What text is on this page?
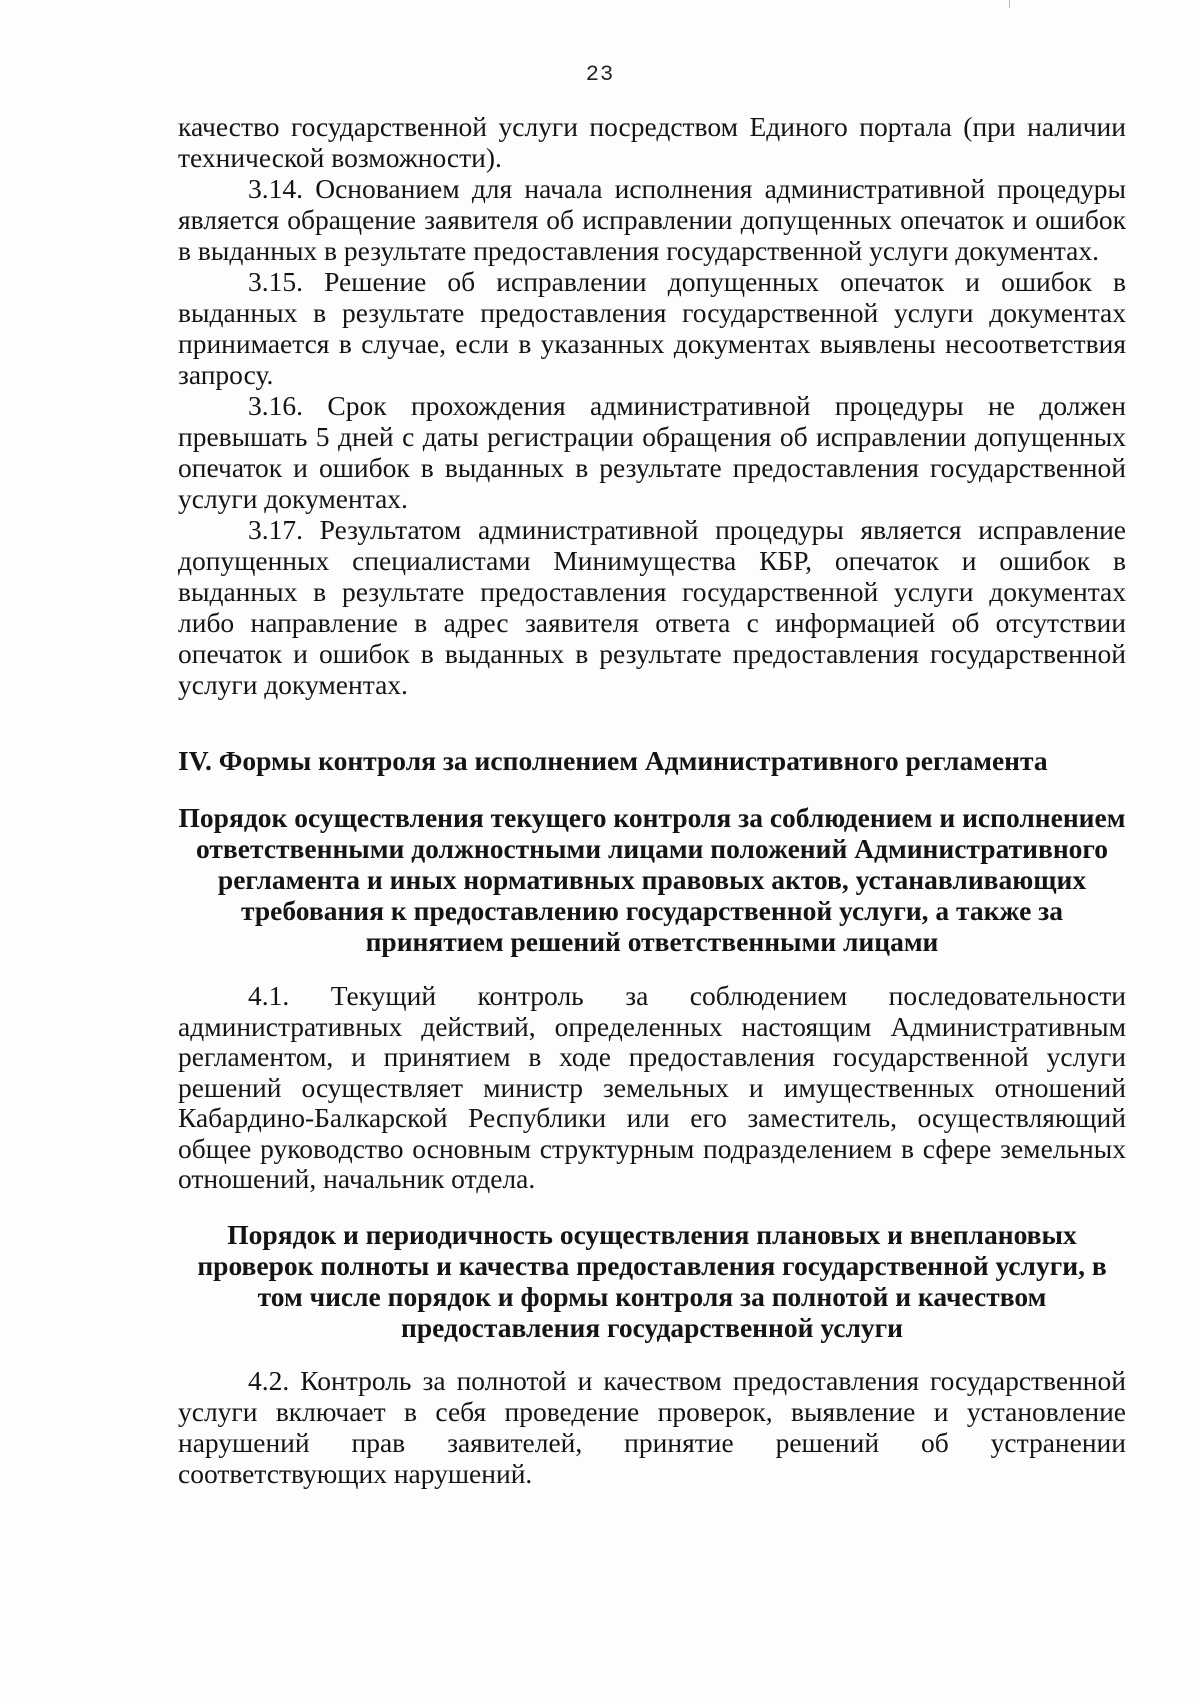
23

качество государственной услуги посредством Единого портала (при наличии технической возможности).

3.14. Основанием для начала исполнения административной процедуры является обращение заявителя об исправлении допущенных опечаток и ошибок в выданных в результате предоставления государственной услуги документах.

3.15. Решение об исправлении допущенных опечаток и ошибок в выданных в результате предоставления государственной услуги документах принимается в случае, если в указанных документах выявлены несоответствия запросу.

3.16. Срок прохождения административной процедуры не должен превышать 5 дней с даты регистрации обращения об исправлении допущенных опечаток и ошибок в выданных в результате предоставления государственной услуги документах.

3.17. Результатом административной процедуры является исправление допущенных специалистами Минимущества КБР, опечаток и ошибок в выданных в результате предоставления государственной услуги документах либо направление в адрес заявителя ответа с информацией об отсутствии опечаток и ошибок в выданных в результате предоставления государственной услуги документах.

IV. Формы контроля за исполнением Административного регламента
Порядок осуществления текущего контроля за соблюдением и исполнением ответственными должностными лицами положений Административного регламента и иных нормативных правовых актов, устанавливающих требования к предоставлению государственной услуги, а также за принятием решений ответственными лицами

4.1. Текущий контроль за соблюдением последовательности административных действий, определенных настоящим Административным регламентом, и принятием в ходе предоставления государственной услуги решений осуществляет министр земельных и имущественных отношений Кабардино-Балкарской Республики или его заместитель, осуществляющий общее руководство основным структурным подразделением в сфере земельных отношений, начальник отдела.

Порядок и периодичность осуществления плановых и внеплановых проверок полноты и качества предоставления государственной услуги, в том числе порядок и формы контроля за полнотой и качеством предоставления государственной услуги

4.2. Контроль за полнотой и качеством предоставления государственной услуги включает в себя проведение проверок, выявление и установление нарушений прав заявителей, принятие решений об устранении соответствующих нарушений.
